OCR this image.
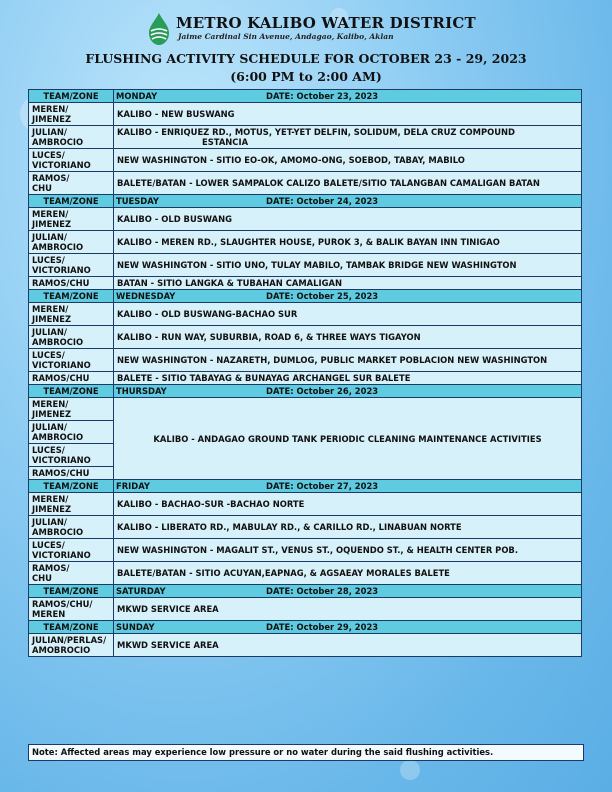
METRO KALIBO WATER DISTRICT
Jaime Cardinal Sin Avenue, Andagao, Kalibo, Aklan
FLUSHING ACTIVITY SCHEDULE FOR OCTOBER 23 - 29, 2023
(6:00 PM to 2:00 AM)
TEAM/ZONE	MONDAY DATE: October 23, 2023
MEREN/
JIMENEZ	KALIBO - NEW BUSWANG
JULIAN/
AMBROCIO	KALIBO - ENRIQUEZ RD., MOTUS, YET-YET DELFIN, SOLIDUM, DELA CRUZ COMPOUND
ESTANCIA

LUCES/
VICTORIANO	NEW WASHINGTON - SITIO EO-OK, AMOMO-ONG, SOEBOD, TABAY, MABILO
RAMOS/
CHU	BALETE/BATAN - LOWER SAMPALOK CALIZO BALETE/SITIO TALANGBAN CAMALIGAN BATAN
TEAM/ZONE	TUESDAY DATE: October 24, 2023
MEREN/
JIMENEZ	KALIBO - OLD BUSWANG
JULIAN/
AMBROCIO	KALIBO - MEREN RD., SLAUGHTER HOUSE, PUROK 3, & BALIK BAYAN INN TINIGAO
LUCES/
VICTORIANO	NEW WASHINGTON - SITIO UNO, TULAY MABILO, TAMBAK BRIDGE NEW WASHINGTON
RAMOS/CHU	BATAN - SITIO LANGKA & TUBAHAN CAMALIGAN
TEAM/ZONE	WEDNESDAY DATE: October 25, 2023
MEREN/
JIMENEZ	KALIBO - OLD BUSWANG-BACHAO SUR
JULIAN/
AMBROCIO	KALIBO - RUN WAY, SUBURBIA, ROAD 6, & THREE WAYS TIGAYON
LUCES/
VICTORIANO	NEW WASHINGTON - NAZARETH, DUMLOG, PUBLIC MARKET POBLACION NEW WASHINGTON
RAMOS/CHU	BALETE - SITIO TABAYAG & BUNAYAG ARCHANGEL SUR BALETE
TEAM/ZONE	THURSDAY DATE: October 26, 2023
MEREN/
JIMENEZ	KALIBO - ANDAGAO GROUND TANK PERIODIC CLEANING MAINTENANCE ACTIVITIES
JULIAN/
AMBROCIO	
LUCES/
VICTORIANO	
RAMOS/CHU	
TEAM/ZONE	FRIDAY DATE: October 27, 2023
MEREN/
JIMENEZ	KALIBO - BACHAO-SUR -BACHAO NORTE
JULIAN/
AMBROCIO	KALIBO - LIBERATO RD., MABULAY RD., & CARILLO RD., LINABUAN NORTE
LUCES/
VICTORIANO	NEW WASHINGTON - MAGALIT ST., VENUS ST., OQUENDO ST., & HEALTH CENTER POB.
RAMOS/
CHU	BALETE/BATAN - SITIO ACUYAN,EAPNAG, & AGSAEAY MORALES BALETE
TEAM/ZONE	SATURDAY DATE: October 28, 2023
RAMOS/CHU/
MEREN	MKWD SERVICE AREA
TEAM/ZONE	SUNDAY DATE: October 29, 2023
JULIAN/PERLAS/
AMOBROCIO	MKWD SERVICE AREA
Note: Affected areas may experience low pressure or no water during the said flushing activities.
